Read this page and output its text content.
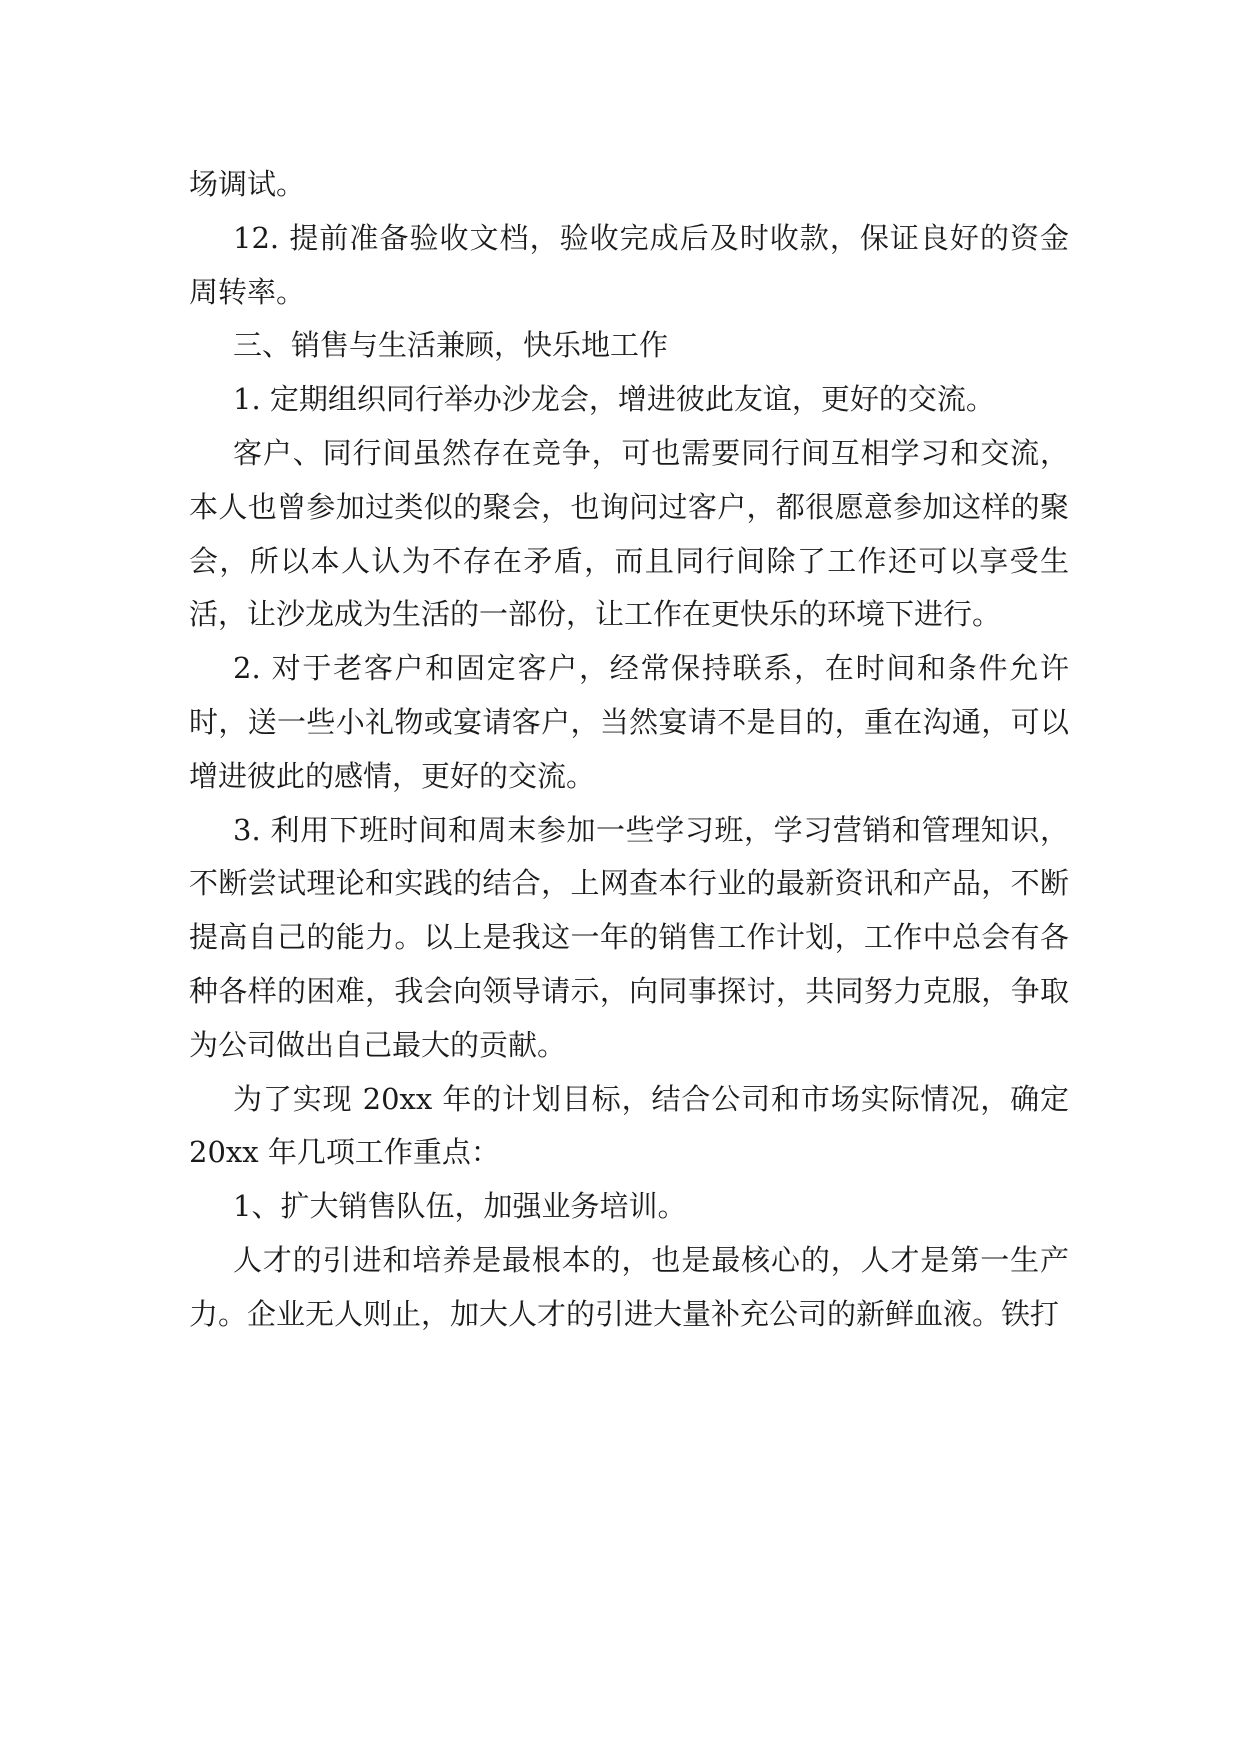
场调试。

12. 提前准备验收文档，验收完成后及时收款，保证良好的资金周转率。

三、销售与生活兼顾，快乐地工作

1. 定期组织同行举办沙龙会，增进彼此友谊，更好的交流。

客户、同行间虽然存在竞争，可也需要同行间互相学习和交流，本人也曾参加过类似的聚会，也询问过客户，都很愿意参加这样的聚会，所以本人认为不存在矛盾，而且同行间除了工作还可以享受生活，让沙龙成为生活的一部份，让工作在更快乐的环境下进行。

2. 对于老客户和固定客户，经常保持联系，在时间和条件允许时，送一些小礼物或宴请客户，当然宴请不是目的，重在沟通，可以增进彼此的感情，更好的交流。

3. 利用下班时间和周末参加一些学习班，学习营销和管理知识，不断尝试理论和实践的结合，上网查本行业的最新资讯和产品，不断提高自己的能力。以上是我这一年的销售工作计划，工作中总会有各种各样的困难，我会向领导请示，向同事探讨，共同努力克服，争取为公司做出自己最大的贡献。

为了实现 20xx 年的计划目标，结合公司和市场实际情况，确定 20xx 年几项工作重点：

1、扩大销售队伍，加强业务培训。

人才的引进和培养是最根本的，也是最核心的，人才是第一生产力。企业无人则止，加大人才的引进大量补充公司的新鲜血液。铁打
